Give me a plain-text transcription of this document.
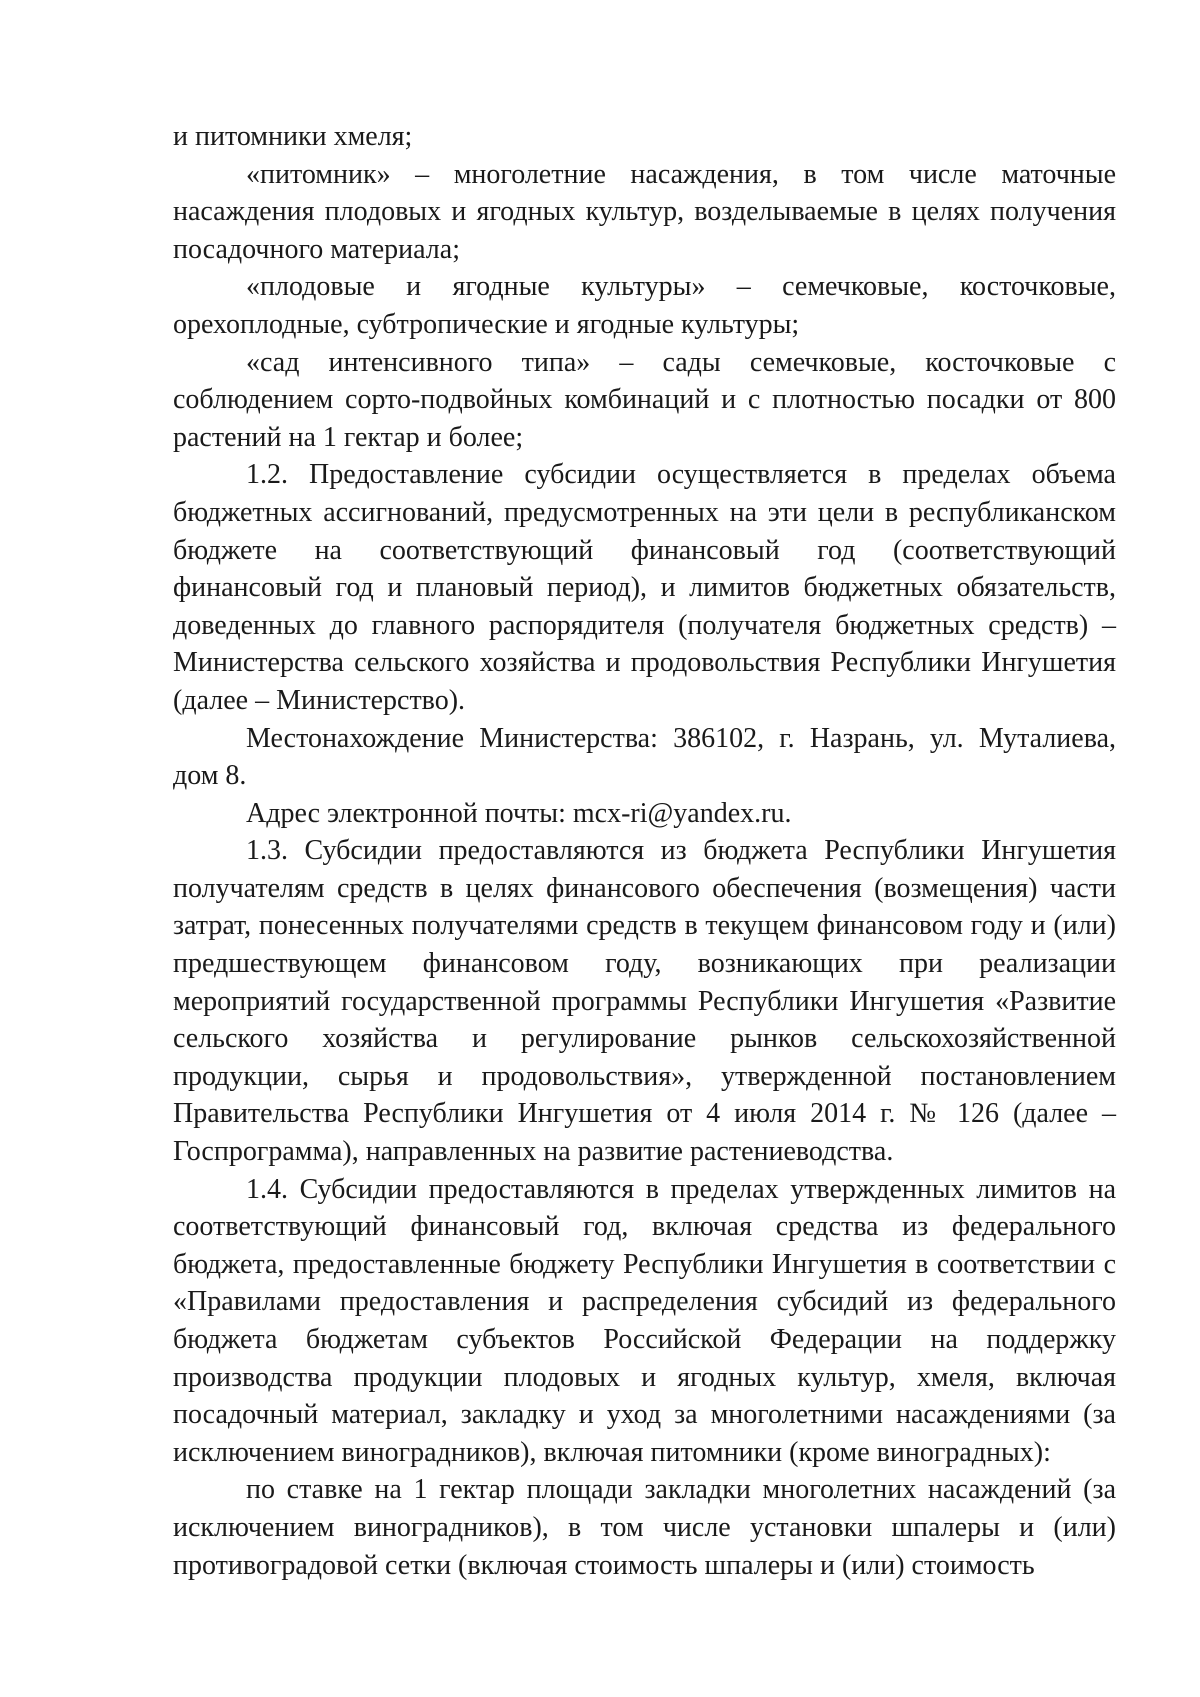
и питомники хмеля;

«питомник» – многолетние насаждения, в том числе маточные насаждения плодовых и ягодных культур, возделываемые в целях получения посадочного материала;

«плодовые и ягодные культуры» – семечковые, косточковые, орехоплодные, субтропические и ягодные культуры;

«сад интенсивного типа» – сады семечковые, косточковые с соблюдением сорто-подвойных комбинаций и с плотностью посадки от 800 растений на 1 гектар и более;

1.2. Предоставление субсидии осуществляется в пределах объема бюджетных ассигнований, предусмотренных на эти цели в республиканском бюджете на соответствующий финансовый год (соответствующий финансовый год и плановый период), и лимитов бюджетных обязательств, доведенных до главного распорядителя (получателя бюджетных средств) – Министерства сельского хозяйства и продовольствия Республики Ингушетия (далее – Министерство).

Местонахождение Министерства: 386102, г. Назрань, ул. Муталиева, дом 8.

Адрес электронной почты: mcx-ri@yandex.ru.

1.3. Субсидии предоставляются из бюджета Республики Ингушетия получателям средств в целях финансового обеспечения (возмещения) части затрат, понесенных получателями средств в текущем финансовом году и (или) предшествующем финансовом году, возникающих при реализации мероприятий государственной программы Республики Ингушетия «Развитие сельского хозяйства и регулирование рынков сельскохозяйственной продукции, сырья и продовольствия», утвержденной постановлением Правительства Республики Ингушетия от 4 июля 2014 г. № 126 (далее – Госпрограмма), направленных на развитие растениеводства.

1.4. Субсидии предоставляются в пределах утвержденных лимитов на соответствующий финансовый год, включая средства из федерального бюджета, предоставленные бюджету Республики Ингушетия в соответствии с «Правилами предоставления и распределения субсидий из федерального бюджета бюджетам субъектов Российской Федерации на поддержку производства продукции плодовых и ягодных культур, хмеля, включая посадочный материал, закладку и уход за многолетними насаждениями (за исключением виноградников), включая питомники (кроме виноградных):

по ставке на 1 гектар площади закладки многолетних насаждений (за исключением виноградников), в том числе установки шпалеры и (или) противоградовой сетки (включая стоимость шпалеры и (или) стоимость
